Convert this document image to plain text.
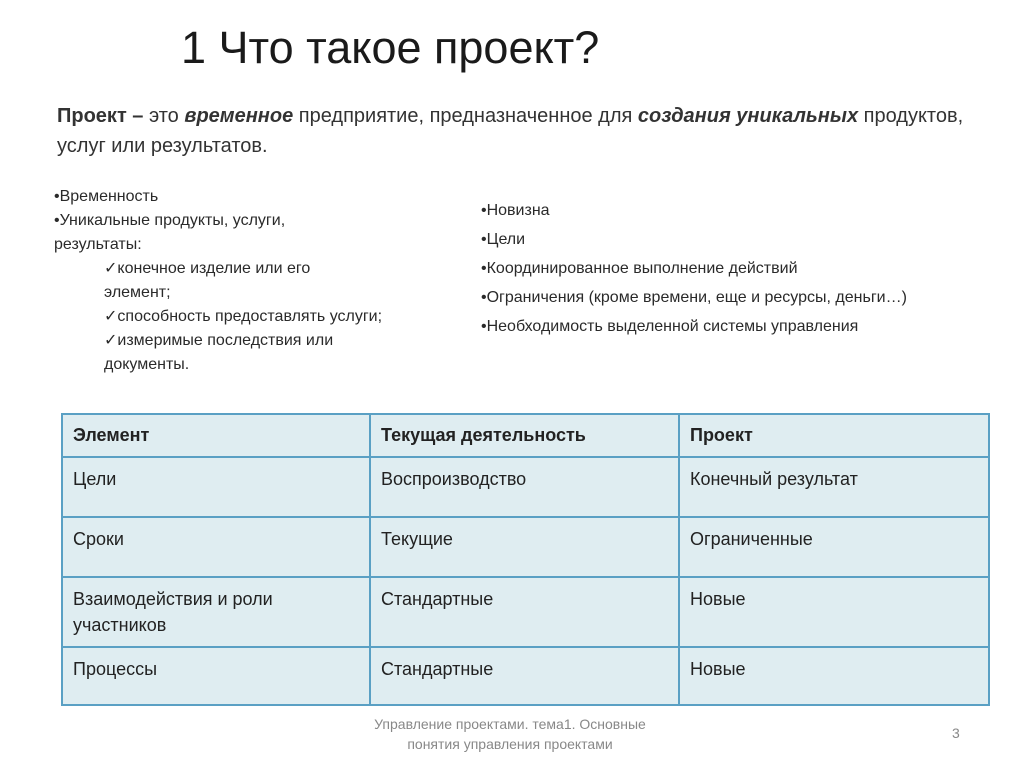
1 Что такое проект?
Проект – это временное предприятие, предназначенное для создания уникальных продуктов, услуг или результатов.
•Временность
•Уникальные продукты, услуги,
результаты:
✓конечное изделие или его
элемент;
✓способность предоставлять услуги;
✓измеримые последствия или
документы.
•Новизна
•Цели
•Координированное выполнение действий
•Ограничения (кроме времени, еще и ресурсы, деньги…)
•Необходимость выделенной системы управления
Элемент	Текущая деятельность	Проект
Цели	Воспроизводство	Конечный результат
Сроки	Текущие	Ограниченные
Взаимодействия и роли участников	Стандартные	Новые
Процессы	Стандартные	Новые
Управление проектами. тема1. Основные
понятия управления проектами
3
